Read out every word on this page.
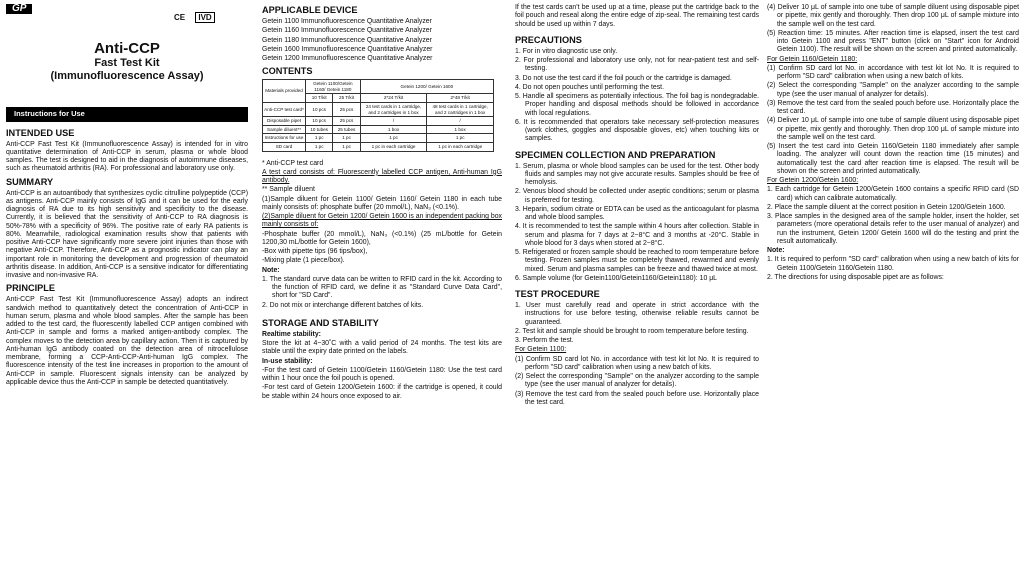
GP
CE IVD
Anti-CCP
Fast Test Kit
(Immunofluorescence Assay)
Instructions for Use
INTENDED USE

Anti-CCP Fast Test Kit (Immunofluorescence Assay) is intended for in vitro quantitative determination of Anti-CCP in serum, plasma or whole blood samples. The test is designed to aid in the diagnosis of autoimmune diseases, such as rheumatoid arthritis (RA). For professional and laboratory use only.

SUMMARY

Anti-CCP is an autoantibody that synthesizes cyclic citrulline polypeptide (CCP) as antigens. Anti-CCP mainly consists of IgG and it can be used for the early diagnosis of RA due to its high sensitivity and specificity to the disease. Currently, it is believed that the sensitivity of Anti-CCP to RA diagnosis is 50%-78% with a specificity of 96%. The positive rate of early RA patients is 80%. Meanwhile, radiological examination results show that patients with positive Anti-CCP have significantly more severe joint injuries than those with negative Anti-CCP. Therefore, Anti-CCP as a prognostic indicator can play an important role in monitoring the development and progression of rheumatoid arthritis disease. In addition, Anti-CCP is a sensitive indicator for differentiating invasive and non-invasive RA.

PRINCIPLE

Anti-CCP Fast Test Kit (Immunofluorescence Assay) adopts an indirect sandwich method to quantitatively detect the concentration of Anti-CCP in human serum, plasma and whole blood samples. After the sample has been added to the test card, the fluorescently labelled CCP antigen combined with Anti-CCP in sample and forms a marked antigen-antibody complex. The complex moves to the detection area by capillary action. Then it is captured by Anti-human IgG antibody coated on the detection area of nitrocellulose membrane, forming a CCP-Anti-CCP-Anti-human IgG complex. The fluorescence intensity of the test line increases in proportion to the amount of Anti-CCP in sample. Fluorescent signals intensity can be analyzed by applicable device thus the Anti-CCP in sample be detected quantitatively.

APPLICABLE DEVICE

Getein 1100 Immunofluorescence Quantitative Analyzer

Getein 1160 Immunofluorescence Quantitative Analyzer

Getein 1180 Immunofluorescence Quantitative Analyzer

Getein 1600 Immunofluorescence Quantitative Analyzer

Getein 1200 Immunofluorescence Quantitative Analyzer

CONTENTS
Materials provided	Getein 1100/Getein 1160/ Getein 1180		Getein 1200/ Getein 1600	
	10 T/kit	25 T/kit	2*24 T/kit	2*48 T/kit
Anti-CCP test card*	10 pcs	25 pcs	24 test cards in 1 cartridge, and 2 cartridges in 1 box	48 test cards in 1 cartridge, and 2 cartridges in 1 box
Disposable pipet	10 pcs	25 pcs	/	/
Sample diluent**	10 tubes	25 tubes	1 box	1 box
Instructions for use	1 pc	1 pc	1 pc	1 pc
SD card	1 pc	1 pc	1 pc in each cartridge	1 pc in each cartridge

* Anti-CCP test card

A test card consists of: Fluorescently labelled CCP antigen, Anti-human IgG antibody.

** Sample diluent

(1)Sample diluent for Getein 1100/ Getein 1160/ Getein 1180 in each tube mainly consists of: phosphate buffer (20 mmol/L), NaN₃ (<0.1%).

(2)Sample diluent for Getein 1200/ Getein 1600 is an independent packing box mainly consists of:

-Phosphate buffer (20 mmol/L), NaN₃ (<0.1%) (25 mL/bottle for Getein 1200,30 mL/bottle for Getein 1600),

-Box with pipette tips (96 tips/box),

-Mixing plate (1 piece/box).

Note:

1. The standard curve data can be written to RFID card in the kit. According to the function of RFID card, we define it as "Standard Curve Data Card", short for "SD Card".

2. Do not mix or interchange different batches of kits.

STORAGE AND STABILITY

Realtime stability:

Store the kit at 4~30˚C with a valid period of 24 months. The test kits are stable until the expiry date printed on the labels.

In-use stability:

-For the test card of Getein 1100/Getein 1160/Getein 1180: Use the test card within 1 hour once the foil pouch is opened.

-For test card of Getein 1200/Getein 1600: if the cartridge is opened, it could be stable within 24 hours once exposed to air.

If the test cards can't be used up at a time, please put the cartridge back to the foil pouch and reseal along the entire edge of zip-seal. The remaining test cards should be used up within 7 days.

PRECAUTIONS

1. For in vitro diagnostic use only.

2. For professional and laboratory use only, not for near-patient test and self-testing.

3. Do not use the test card if the foil pouch or the cartridge is damaged.

4. Do not open pouches until performing the test.

5. Handle all specimens as potentially infectious. The foil bag is nondegradable. Proper handling and disposal methods should be followed in accordance with local regulations.

6. It is recommended that operators take necessary self-protection measures (work clothes, goggles and disposable gloves, etc) when touching kits or samples.

SPECIMEN COLLECTION AND PREPARATION

1. Serum, plasma or whole blood samples can be used for the test. Other body fluids and samples may not give accurate results. Samples should be free of hemolysis.

2. Venous blood should be collected under aseptic conditions; serum or plasma is preferred for testing.

3. Heparin, sodium citrate or EDTA can be used as the anticoagulant for plasma and whole blood samples.

4. It is recommended to test the sample within 4 hours after collection. Stable in serum and plasma for 7 days at 2~8°C and 3 months at -20°C. Stable in whole blood for 3 days when stored at 2~8°C.

5. Refrigerated or frozen sample should be reached to room temperature before testing. Frozen samples must be completely thawed, rewarmed and evenly mixed. Serum and plasma samples can be freeze and thawed twice at most.

6. Sample volume (for Getein1100/Getein1160/Getein1180): 10 μL

TEST PROCEDURE

1. User must carefully read and operate in strict accordance with the instructions for use before testing, otherwise reliable results cannot be guaranteed.

2. Test kit and sample should be brought to room temperature before testing.

3. Perform the test.

For Getein 1100:

(1) Confirm SD card lot No. in accordance with test kit lot No. It is required to perform "SD card" calibration when using a new batch of kits.

(2) Select the corresponding "Sample" on the analyzer according to the sample type (see the user manual of analyzer for details).

(3) Remove the test card from the sealed pouch before use. Horizontally place the test card.

(4) Deliver 10 μL of sample into one tube of sample diluent using disposable pipet or pipette, mix gently and thoroughly. Then drop 100 μL of sample mixture into the sample well on the test card.

(5) Reaction time: 15 minutes. After reaction time is elapsed, insert the test card into Getein 1100 and press "ENT" button (click on "Start" icon for Android Getein 1100). The result will be shown on the screen and printed automatically.

For Getein 1160/Getein 1180:

(1) Confirm SD card lot No. in accordance with test kit lot No. It is required to perform "SD card" calibration when using a new batch of kits.

(2) Select the corresponding "Sample" on the analyzer according to the sample type (see the user manual of analyzer for details).

(3) Remove the test card from the sealed pouch before use. Horizontally place the test card.

(4) Deliver 10 μL of sample into one tube of sample diluent using disposable pipet or pipette, mix gently and thoroughly. Then drop 100 μL of sample mixture into the sample well on the test card.

(5) Insert the test card into Getein 1160/Getein 1180 immediately after sample loading. The analyzer will count down the reaction time (15 minutes) and automatically test the card after reaction time is elapsed. The result will be shown on the screen and printed automatically.

For Getein 1200/Getein 1600:

1. Each cartridge for Getein 1200/Getein 1600 contains a specific RFID card (SD card) which can calibrate automatically.

2. Place the sample diluent at the correct position in Getein 1200/Getein 1600.

3. Place samples in the designed area of the sample holder, insert the holder, set parameters (more operational details refer to the user manual of analyzer) and run the instrument, Getein 1200/ Getein 1600 will do the testing and print the result automatically.

Note:

1. It is required to perform "SD card" calibration when using a new batch of kits for Getein 1100/Getein 1160/Getein 1180.

2. The directions for using disposable pipet are as follows:
